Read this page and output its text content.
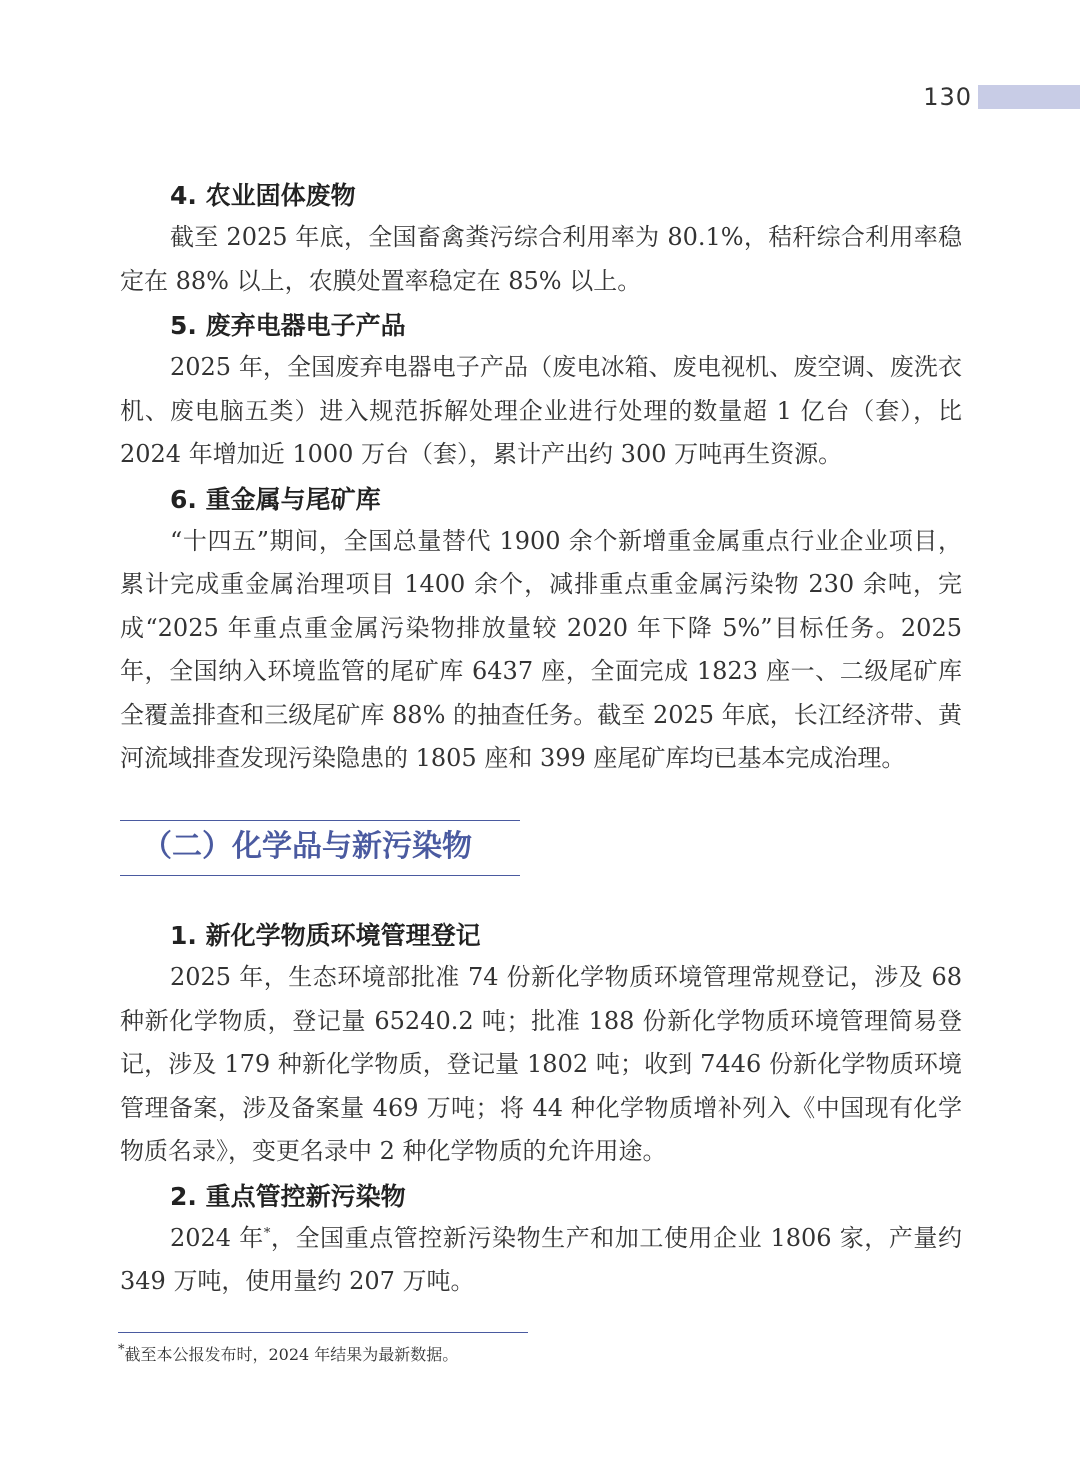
130
4. 农业固体废物

截至 2025 年底，全国畜禽粪污综合利用率为 80.1%，秸秆综合利用率稳定在 88% 以上，农膜处置率稳定在 85% 以上。

5. 废弃电器电子产品

2025 年，全国废弃电器电子产品（废电冰箱、废电视机、废空调、废洗衣机、废电脑五类）进入规范拆解处理企业进行处理的数量超 1 亿台（套），比 2024 年增加近 1000 万台（套），累计产出约 300 万吨再生资源。

6. 重金属与尾矿库

“十四五”期间，全国总量替代 1900 余个新增重金属重点行业企业项目，累计完成重金属治理项目 1400 余个，减排重点重金属污染物 230 余吨，完成“2025 年重点重金属污染物排放量较 2020 年下降 5%”目标任务。2025 年，全国纳入环境监管的尾矿库 6437 座，全面完成 1823 座一、二级尾矿库全覆盖排查和三级尾矿库 88% 的抽查任务。截至 2025 年底，长江经济带、黄河流域排查发现污染隐患的 1805 座和 399 座尾矿库均已基本完成治理。

（二）化学品与新污染物
1. 新化学物质环境管理登记

2025 年，生态环境部批准 74 份新化学物质环境管理常规登记，涉及 68 种新化学物质，登记量 65240.2 吨；批准 188 份新化学物质环境管理简易登记，涉及 179 种新化学物质，登记量 1802 吨；收到 7446 份新化学物质环境管理备案，涉及备案量 469 万吨；将 44 种化学物质增补列入《中国现有化学物质名录》，变更名录中 2 种化学物质的允许用途。

2. 重点管控新污染物

2024 年*，全国重点管控新污染物生产和加工使用企业 1806 家，产量约 349 万吨，使用量约 207 万吨。

*截至本公报发布时，2024 年结果为最新数据。
